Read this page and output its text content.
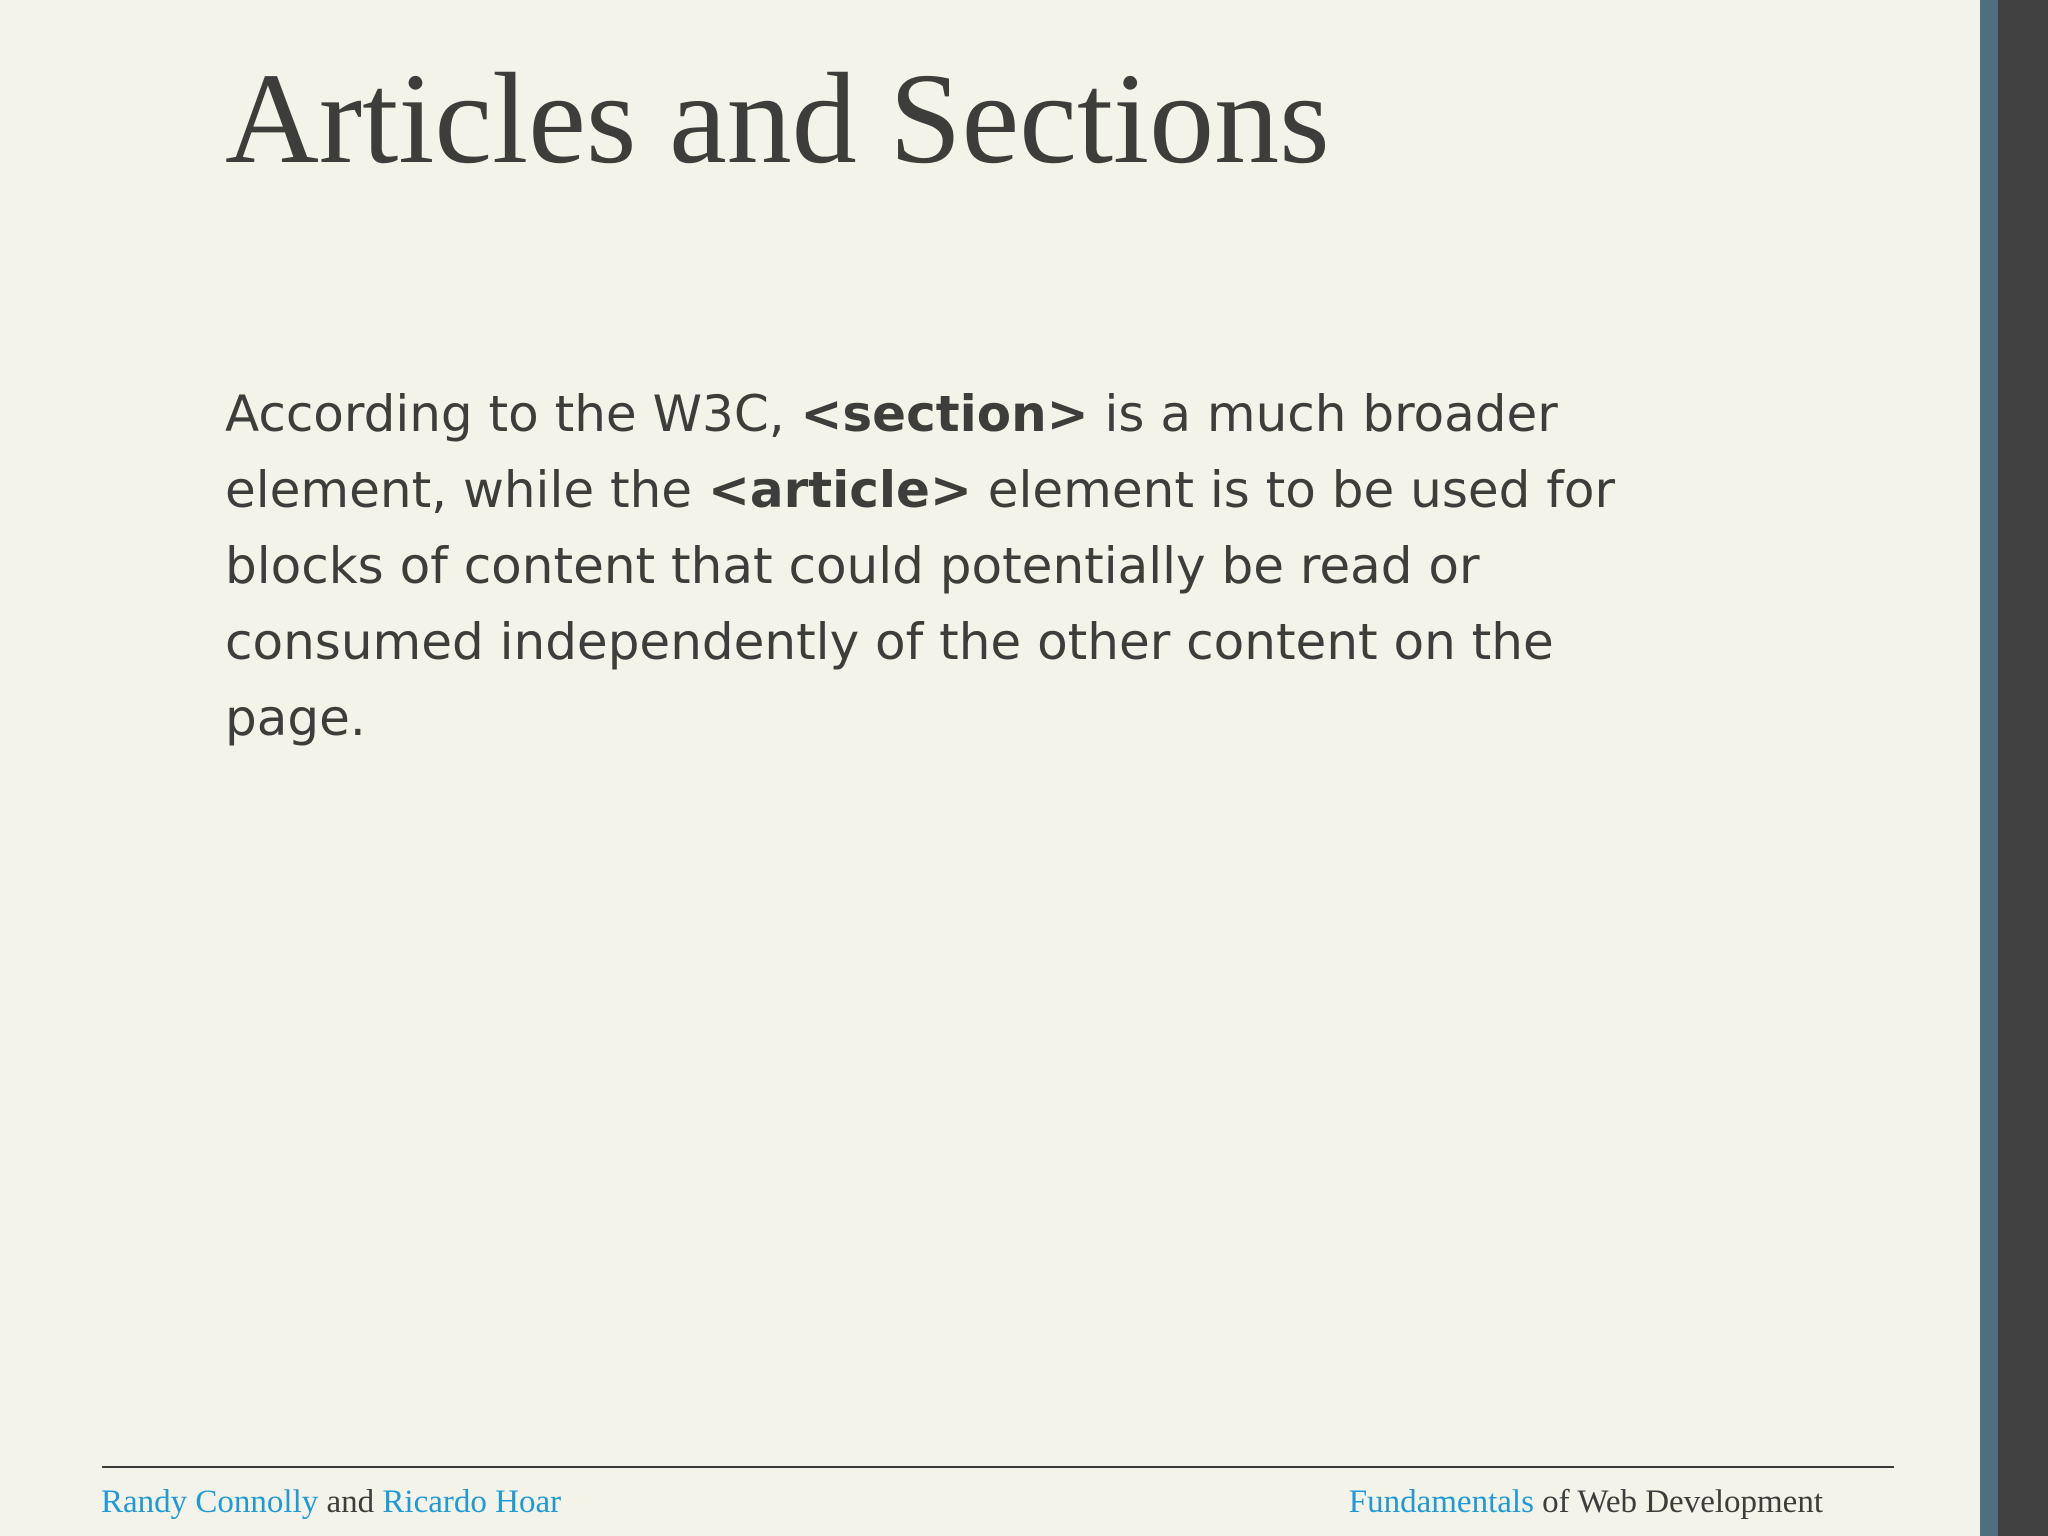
Articles and Sections

According to the W3C, <section> is a much broader element, while the <article> element is to be used for blocks of content that could potentially be read or consumed independently of the other content on the page.

Randy Connolly and Ricardo Hoar	Fundamentals of Web Development
